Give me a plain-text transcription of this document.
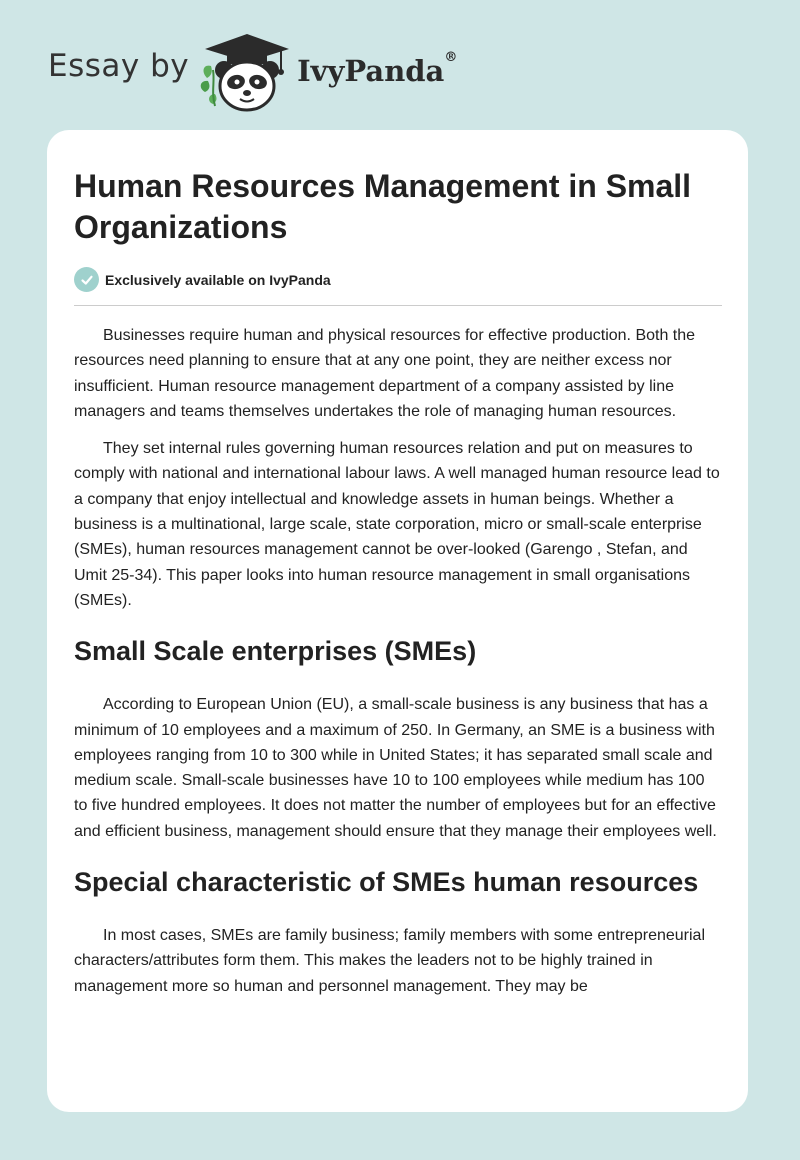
Essay by	IvyPanda®
Human Resources Management in Small Organizations
Exclusively available on IvyPanda

Businesses require human and physical resources for effective production. Both the resources need planning to ensure that at any one point, they are neither excess nor insufficient. Human resource management department of a company assisted by line managers and teams themselves undertakes the role of managing human resources.

They set internal rules governing human resources relation and put on measures to comply with national and international labour laws. A well managed human resource lead to a company that enjoy intellectual and knowledge assets in human beings. Whether a business is a multinational, large scale, state corporation, micro or small-scale enterprise (SMEs), human resources management cannot be over-looked (Garengo , Stefan, and Umit 25-34). This paper looks into human resource management in small organisations (SMEs).

Small Scale enterprises (SMEs)

According to European Union (EU), a small-scale business is any business that has a minimum of 10 employees and a maximum of 250. In Germany, an SME is a business with employees ranging from 10 to 300 while in United States; it has separated small scale and medium scale. Small-scale businesses have 10 to 100 employees while medium has 100 to five hundred employees. It does not matter the number of employees but for an effective and efficient business, management should ensure that they manage their employees well.

Special characteristic of SMEs human resources

In most cases, SMEs are family business; family members with some entrepreneurial characters/attributes form them. This makes the leaders not to be highly trained in management more so human and personnel management. They may be
